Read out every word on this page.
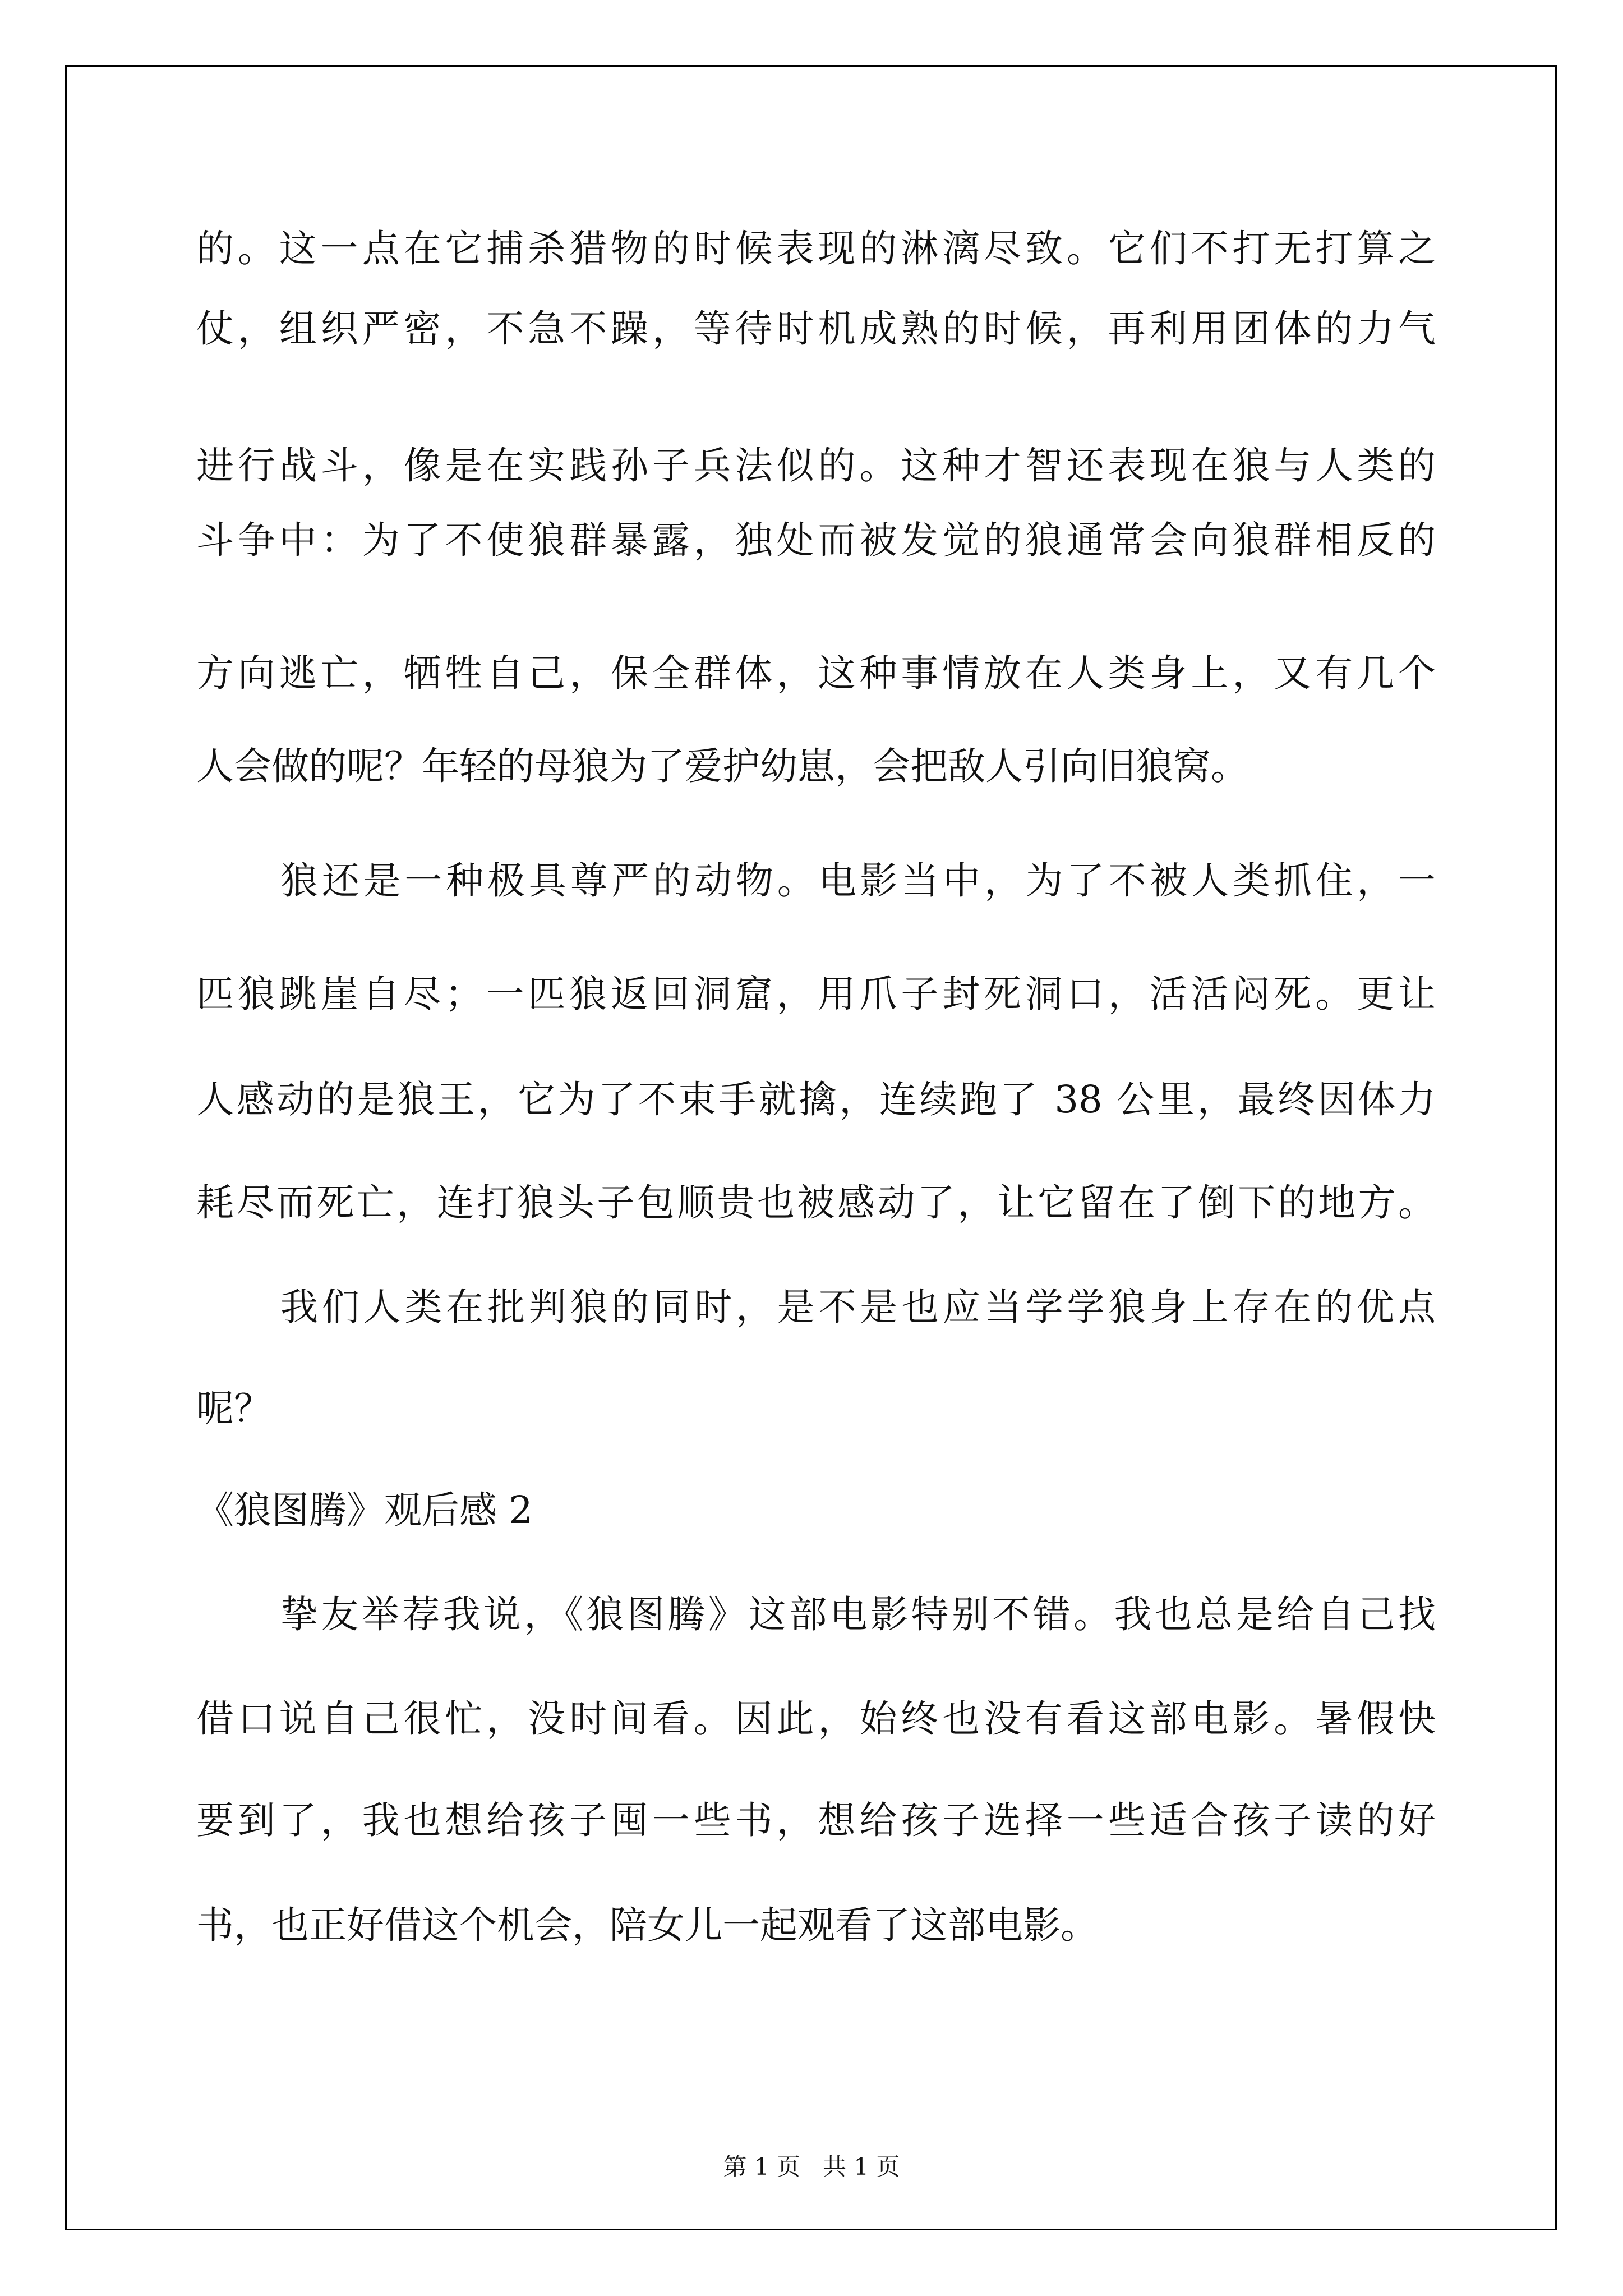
的。这一点在它捕杀猎物的时候表现的淋漓尽致。它们不打无打算之
仗，组织严密，不急不躁，等待时机成熟的时候，再利用团体的力气
进行战斗，像是在实践孙子兵法似的。这种才智还表现在狼与人类的
斗争中：为了不使狼群暴露，独处而被发觉的狼通常会向狼群相反的
方向逃亡，牺牲自己，保全群体，这种事情放在人类身上，又有几个
人会做的呢？年轻的母狼为了爱护幼崽，会把敌人引向旧狼窝。
狼还是一种极具尊严的动物。电影当中，为了不被人类抓住，一
匹狼跳崖自尽；一匹狼返回洞窟，用爪子封死洞口，活活闷死。更让
人感动的是狼王，它为了不束手就擒，连续跑了 38 公里，最终因体力
耗尽而死亡，连打狼头子包顺贵也被感动了，让它留在了倒下的地方。
我们人类在批判狼的同时，是不是也应当学学狼身上存在的优点
呢？
《狼图腾》观后感 2
挚友举荐我说，《狼图腾》这部电影特别不错。我也总是给自己找
借口说自己很忙，没时间看。因此，始终也没有看这部电影。暑假快
要到了，我也想给孩子囤一些书，想给孩子选择一些适合孩子读的好
书，也正好借这个机会，陪女儿一起观看了这部电影。
第 1 页   共 1 页
